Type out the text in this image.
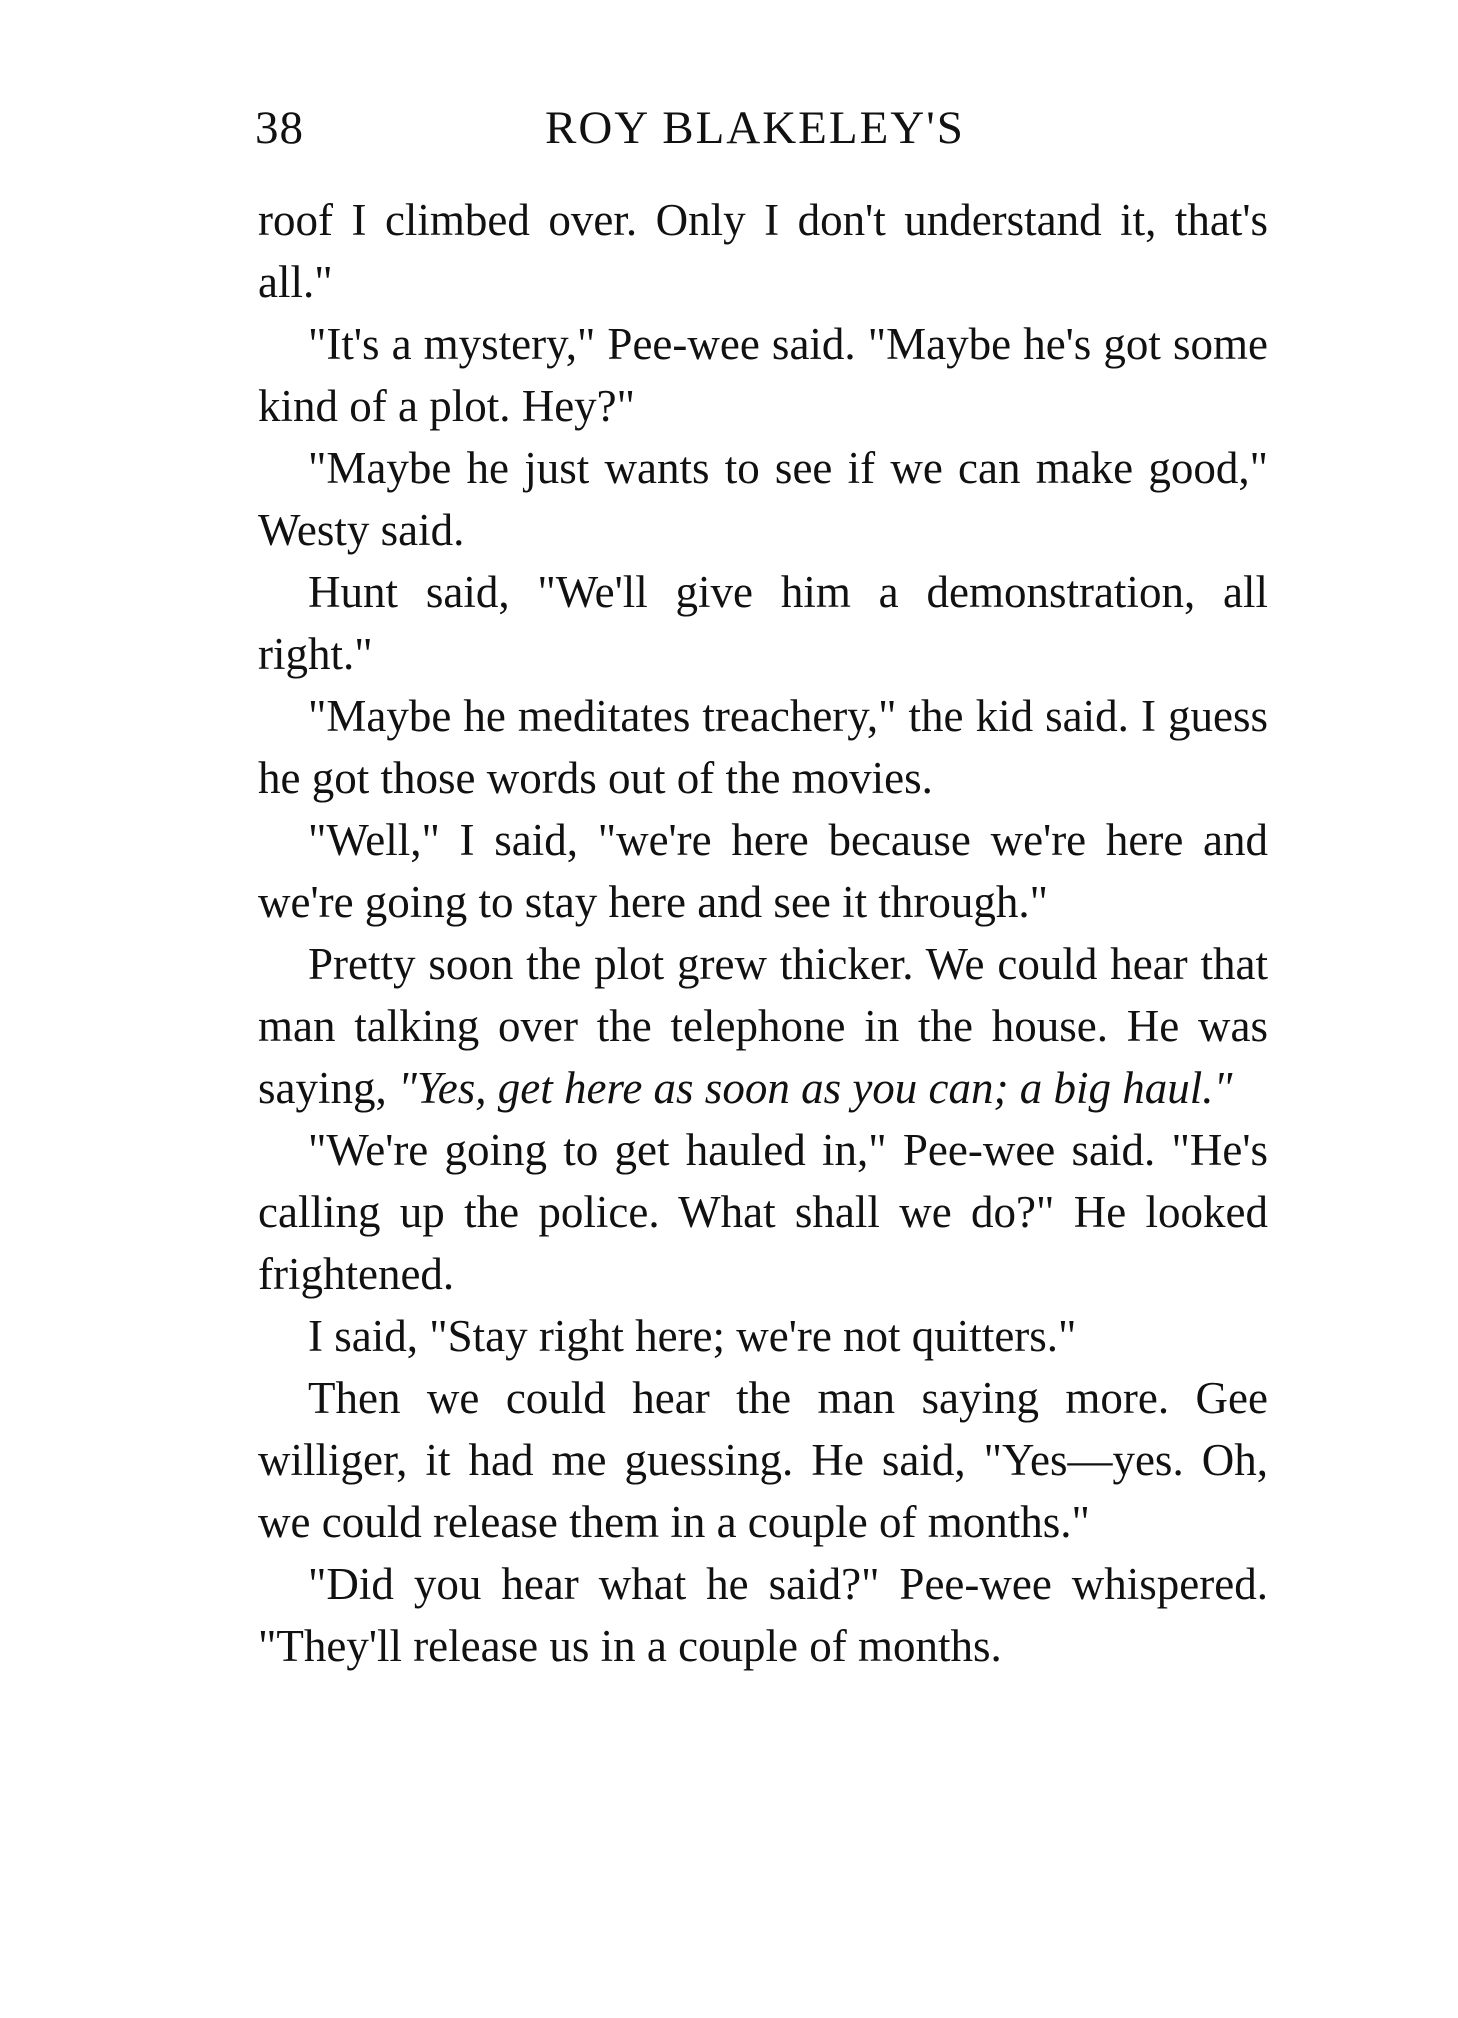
38	ROY BLAKELEY'S

roof I climbed over. Only I don't understand it, that's all."

"It's a mystery," Pee-wee said. "Maybe he's got some kind of a plot. Hey?"

"Maybe he just wants to see if we can make good," Westy said.

Hunt said, "We'll give him a demonstration, all right."

"Maybe he meditates treachery," the kid said. I guess he got those words out of the movies.

"Well," I said, "we're here because we're here and we're going to stay here and see it through."

Pretty soon the plot grew thicker. We could hear that man talking over the telephone in the house. He was saying, "Yes, get here as soon as you can; a big haul."

"We're going to get hauled in," Pee-wee said. "He's calling up the police. What shall we do?" He looked frightened.

I said, "Stay right here; we're not quitters."

Then we could hear the man saying more. Gee williger, it had me guessing. He said, "Yes—yes. Oh, we could release them in a couple of months."

"Did you hear what he said?" Pee-wee whispered. "They'll release us in a couple of months.
